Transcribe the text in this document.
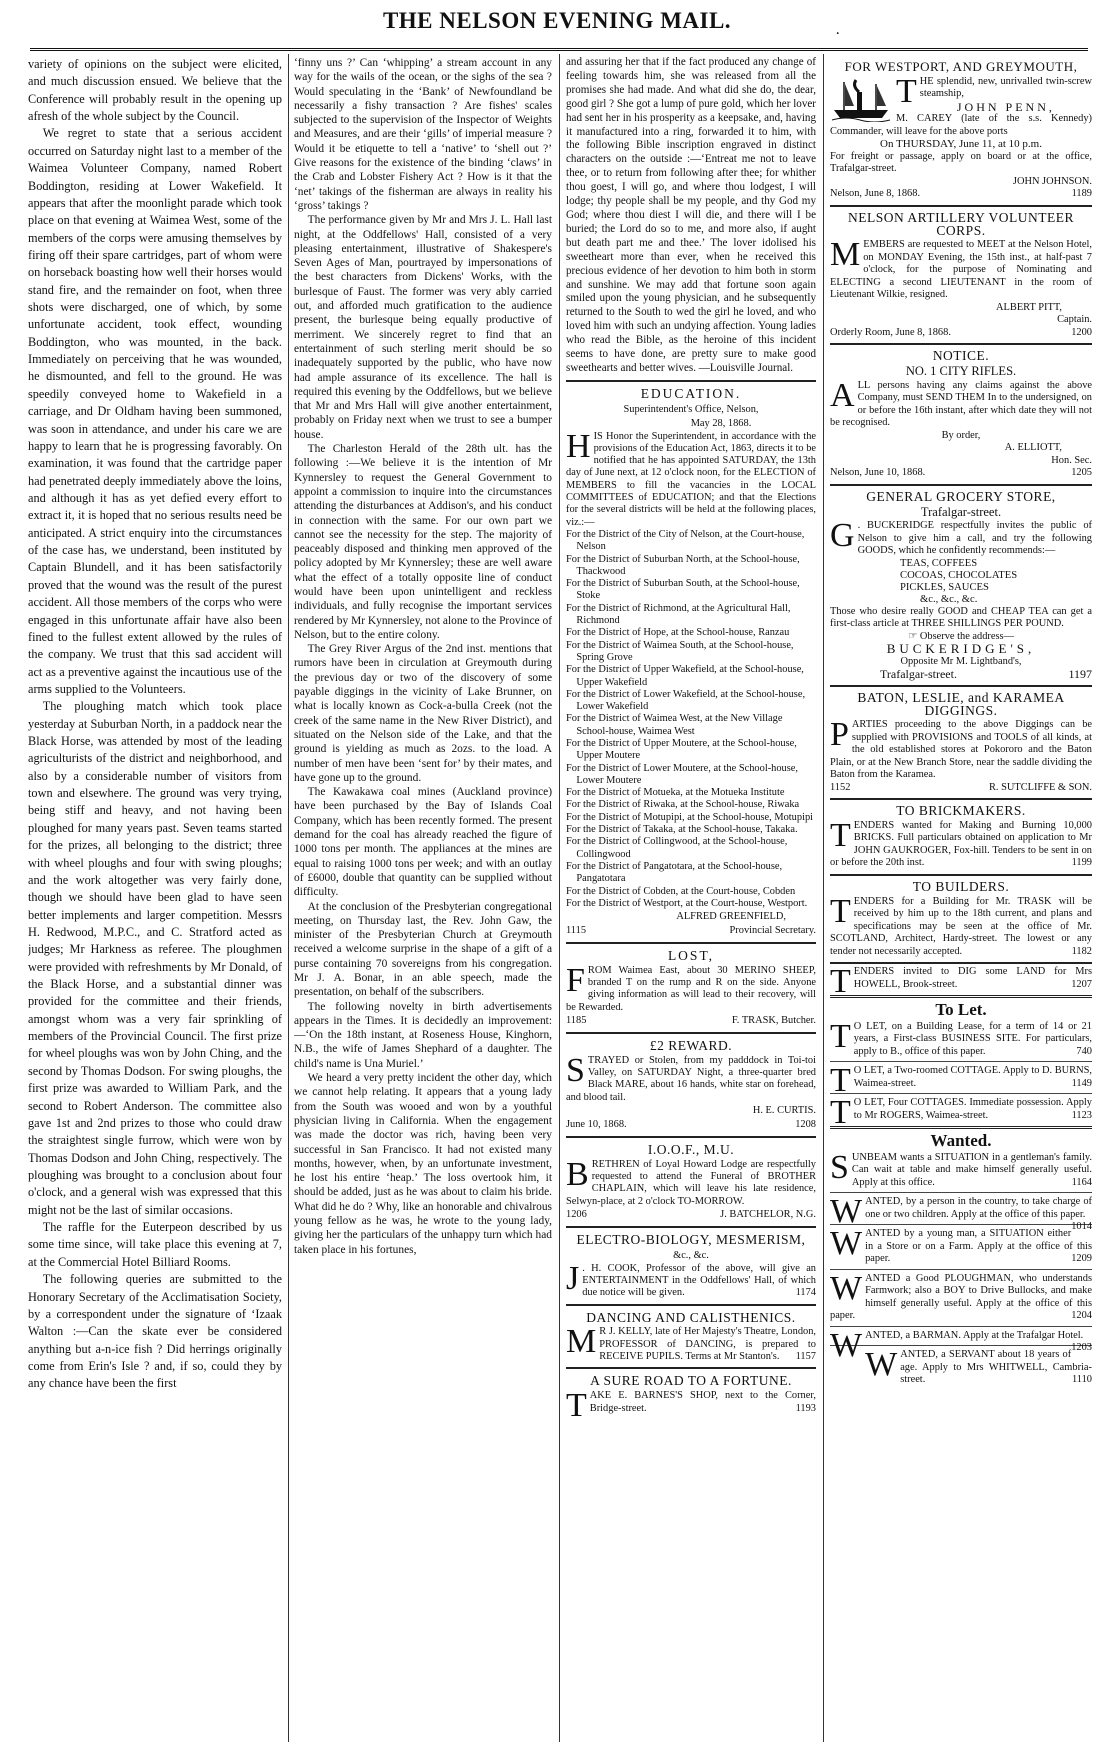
THE NELSON EVENING MAIL.	.

variety of opinions on the subject were elicited, and much discussion ensued. We believe that the Conference will probably result in the opening up afresh of the whole subject by the Council.

We regret to state that a serious accident occurred on Saturday night last to a member of the Waimea Volunteer Company, named Robert Boddington, residing at Lower Wakefield. It appears that after the moonlight parade which took place on that evening at Waimea West, some of the members of the corps were amusing themselves by firing off their spare cartridges, part of whom were on horseback boasting how well their horses would stand fire, and the remainder on foot, when three shots were discharged, one of which, by some unfortunate accident, took effect, wounding Boddington, who was mounted, in the back. Immediately on perceiving that he was wounded, he dismounted, and fell to the ground. He was speedily conveyed home to Wakefield in a carriage, and Dr Oldham having been summoned, was soon in attendance, and under his care we are happy to learn that he is progressing favorably. On examination, it was found that the cartridge paper had penetrated deeply immediately above the loins, and although it has as yet defied every effort to extract it, it is hoped that no serious results need be anticipated. A strict enquiry into the circumstances of the case has, we understand, been instituted by Captain Blundell, and it has been satisfactorily proved that the wound was the result of the purest accident. All those members of the corps who were engaged in this unfortunate affair have also been fined to the fullest extent allowed by the rules of the company. We trust that this sad accident will act as a preventive against the incautious use of the arms supplied to the Volunteers.

The ploughing match which took place yesterday at Suburban North, in a paddock near the Black Horse, was attended by most of the leading agriculturists of the district and neighborhood, and also by a considerable number of visitors from town and elsewhere. The ground was very trying, being stiff and heavy, and not having been ploughed for many years past. Seven teams started for the prizes, all belonging to the district; three with wheel ploughs and four with swing ploughs; and the work altogether was very fairly done, though we should have been glad to have seen better implements and larger competition. Messrs H. Redwood, M.P.C., and C. Stratford acted as judges; Mr Harkness as referee. The ploughmen were provided with refreshments by Mr Donald, of the Black Horse, and a substantial dinner was provided for the committee and their friends, amongst whom was a very fair sprinkling of members of the Provincial Council. The first prize for wheel ploughs was won by John Ching, and the second by Thomas Dodson. For swing ploughs, the first prize was awarded to William Park, and the second to Robert Anderson. The committee also gave 1st and 2nd prizes to those who could draw the straightest single furrow, which were won by Thomas Dodson and John Ching, respectively. The ploughing was brought to a conclusion about four o'clock, and a general wish was expressed that this might not be the last of similar occasions.

The raffle for the Euterpeon described by us some time since, will take place this evening at 7, at the Commercial Hotel Billiard Rooms.

The following queries are submitted to the Honorary Secretary of the Acclimatisation Society, by a correspondent under the signature of ‘Izaak Walton :—Can the skate ever be considered anything but a-n-ice fish ? Did herrings originally come from Erin's Isle ? and, if so, could they by any chance have been the first

‘finny uns ?’ Can ‘whipping’ a stream account in any way for the wails of the ocean, or the sighs of the sea ? Would speculating in the ‘Bank’ of Newfoundland be necessarily a fishy transaction ? Are fishes' scales subjected to the supervision of the Inspector of Weights and Measures, and are their ‘gills’ of imperial measure ? Would it be etiquette to tell a ‘native’ to ‘shell out ?’ Give reasons for the existence of the binding ‘claws’ in the Crab and Lobster Fishery Act ? How is it that the ‘net’ takings of the fisherman are always in reality his ‘gross’ takings ?

The performance given by Mr and Mrs J. L. Hall last night, at the Oddfellows' Hall, consisted of a very pleasing entertainment, illustrative of Shakespere's Seven Ages of Man, pourtrayed by impersonations of the best characters from Dickens' Works, with the burlesque of Faust. The former was very ably carried out, and afforded much gratification to the audience present, the burlesque being equally productive of merriment. We sincerely regret to find that an entertainment of such sterling merit should be so inadequately supported by the public, who have now had ample assurance of its excellence. The hall is required this evening by the Oddfellows, but we believe that Mr and Mrs Hall will give another entertainment, probably on Friday next when we trust to see a bumper house.

The Charleston Herald of the 28th ult. has the following :—We believe it is the intention of Mr Kynnersley to request the General Government to appoint a commission to inquire into the circumstances attending the disturbances at Addison's, and his conduct in connection with the same. For our own part we cannot see the necessity for the step. The majority of peaceably disposed and thinking men approved of the policy adopted by Mr Kynnersley; these are well aware what the effect of a totally opposite line of conduct would have been upon unintelligent and reckless individuals, and fully recognise the important services rendered by Mr Kynnersley, not alone to the Province of Nelson, but to the entire colony.

The Grey River Argus of the 2nd inst. mentions that rumors have been in circulation at Greymouth during the previous day or two of the discovery of some payable diggings in the vicinity of Lake Brunner, on what is locally known as Cock-a-bulla Creek (not the creek of the same name in the New River District), and situated on the Nelson side of the Lake, and that the ground is yielding as much as 2ozs. to the load. A number of men have been ‘sent for’ by their mates, and have gone up to the ground.

The Kawakawa coal mines (Auckland province) have been purchased by the Bay of Islands Coal Company, which has been recently formed. The present demand for the coal has already reached the figure of 1000 tons per month. The appliances at the mines are equal to raising 1000 tons per week; and with an outlay of £6000, double that quantity can be supplied without difficulty.

At the conclusion of the Presbyterian congregational meeting, on Thursday last, the Rev. John Gaw, the minister of the Presbyterian Church at Greymouth received a welcome surprise in the shape of a gift of a purse containing 70 sovereigns from his congregation. Mr J. A. Bonar, in an able speech, made the presentation, on behalf of the subscribers.

The following novelty in birth advertisements appears in the Times. It is decidedly an improvement:—‘On the 18th instant, at Roseness House, Kinghorn, N.B., the wife of James Shephard of a daughter. The child's name is Una Muriel.’

We heard a very pretty incident the other day, which we cannot help relating. It appears that a young lady from the South was wooed and won by a youthful physician living in California. When the engagement was made the doctor was rich, having been very successful in San Francisco. It had not existed many months, however, when, by an unfortunate investment, he lost his entire ‘heap.’ The loss overtook him, it should be added, just as he was about to claim his bride. What did he do ? Why, like an honorable and chivalrous young fellow as he was, he wrote to the young lady, giving her the particulars of the unhappy turn which had taken place in his fortunes,

and assuring her that if the fact produced any change of feeling towards him, she was released from all the promises she had made. And what did she do, the dear, good girl ? She got a lump of pure gold, which her lover had sent her in his prosperity as a keepsake, and, having it manufactured into a ring, forwarded it to him, with the following Bible inscription engraved in distinct characters on the outside :—‘Entreat me not to leave thee, or to return from following after thee; for whither thou goest, I will go, and where thou lodgest, I will lodge; thy people shall be my people, and thy God my God; where thou diest I will die, and there will I be buried; the Lord do so to me, and more also, if aught but death part me and thee.’ The lover idolised his sweetheart more than ever, when he received this precious evidence of her devotion to him both in storm and sunshine. We may add that fortune soon again smiled upon the young physician, and he subsequently returned to the South to wed the girl he loved, and who loved him with such an undying affection. Young ladies who read the Bible, as the heroine of this incident seems to have done, are pretty sure to make good sweethearts and better wives. —Louisville Journal.

EDUCATION.
Superintendent's Office, Nelson,
May 28, 1868.

HIS Honor the Superintendent, in accordance with the provisions of the Education Act, 1863, directs it to be notified that he has appointed SATURDAY, the 13th day of June next, at 12 o'clock noon, for the ELECTION of MEMBERS to fill the vacancies in the LOCAL COMMITTEES of EDUCATION; and that the Elections for the several districts will be held at the following places, viz.:—

For the District of the City of Nelson, at the Court-house, Nelson
For the District of Suburban North, at the School-house, Thackwood
For the District of Suburban South, at the School-house, Stoke
For the District of Richmond, at the Agricultural Hall, Richmond
For the District of Hope, at the School-house, Ranzau
For the District of Waimea South, at the School-house, Spring Grove
For the District of Upper Wakefield, at the School-house, Upper Wakefield
For the District of Lower Wakefield, at the School-house, Lower Wakefield
For the District of Waimea West, at the New Village School-house, Waimea West
For the District of Upper Moutere, at the School-house, Upper Moutere
For the District of Lower Moutere, at the School-house, Lower Moutere
For the District of Motueka, at the Motueka Institute
For the District of Riwaka, at the School-house, Riwaka
For the District of Motupipi, at the School-house, Motupipi
For the District of Takaka, at the School-house, Takaka.
For the District of Collingwood, at the School-house, Collingwood
For the District of Pangatotara, at the School-house, Pangatotara
For the District of Cobden, at the Court-house, Cobden
For the District of Westport, at the Court-house, Westport.
ALFRED GREENFIELD,
1115	Provincial Secretary.
LOST,

FROM Waimea East, about 30 MERINO SHEEP, branded T on the rump and R on the side. Anyone giving information as will lead to their recovery, will be Rewarded.

1185	F. TRASK, Butcher.
£2 REWARD.

STRAYED or Stolen, from my padddock in Toi-toi Valley, on SATURDAY Night, a three-quarter bred Black MARE, about 16 hands, white star on forehead, and blood tail.

H. E. CURTIS.
June 10, 1868.	1208
I.O.O.F., M.U.

BRETHREN of Loyal Howard Lodge are respectfully requested to attend the Funeral of BROTHER CHAPLAIN, which will leave his late residence, Selwyn-place, at 2 o'clock TO-MORROW.

1206	J. BATCHELOR, N.G.
ELECTRO-BIOLOGY, MESMERISM,
&c., &c.

J . H. COOK, Professor of the above, will give an ENTERTAINMENT in the Oddfellows' Hall, of which due notice will be given.	1174

DANCING AND CALISTHENICS.

M R J. KELLY, late of Her Majesty's Theatre, London, PROFESSOR of DANCING, is prepared to RECEIVE PUPILS. Terms at Mr Stanton's. 1157

A SURE ROAD TO A FORTUNE.

TAKE E. BARNES'S SHOP, next to the Corner, Bridge-street.	1193

FOR WESTPORT, AND GREYMOUTH,

THE splendid, new, unrivalled twin-screw steamship,

JOHN PENN,

M. CAREY (late of the s.s. Kennedy) Commander, will leave for the above ports

On THURSDAY, June 11, at 10 p.m.

For freight or passage, apply on board or at the office, Trafalgar-street.

JOHN JOHNSON.
Nelson, June 8, 1868.	1189
NELSON ARTILLERY VOLUNTEER CORPS.

MEMBERS are requested to MEET at the Nelson Hotel, on MONDAY Evening, the 15th inst., at half-past 7 o'clock, for the purpose of Nominating and ELECTING a second LIEUTENANT in the room of Lieutenant Wilkie, resigned.

ALBERT PITT,
Captain.
Orderly Room, June 8, 1868.	1200
NOTICE.
NO. 1 CITY RIFLES.

ALL persons having any claims against the above Company, must SEND THEM In to the undersigned, on or before the 16th instant, after which date they will not be recognised.

By order,
A. ELLIOTT,
Hon. Sec.
Nelson, June 10, 1868.	1205
GENERAL GROCERY STORE,
Trafalgar-street.

G . BUCKERIDGE respectfully invites the public of Nelson to give him a call, and try the following GOODS, which he confidently recommends:—

TEAS, COFFEES
COCOAS, CHOCOLATES
PICKLES, SAUCES
&c., &c., &c.

Those who desire really GOOD and CHEAP TEA can get a first-class article at THREE SHILLINGS PER POUND.

☞ Observe the address—
BUCKERIDGE'S,
Opposite Mr M. Lightband's,
Trafalgar-street.	1197
BATON, LESLIE, and KARAMEA DIGGINGS.

PARTIES proceeding to the above Diggings can be supplied with PROVISIONS and TOOLS of all kinds, at the old established stores at Pokororo and the Baton Plain, or at the New Branch Store, near the saddle dividing the Baton from the Karamea.

1152	R. SUTCLIFFE & SON.
TO BRICKMAKERS.

TENDERS wanted for Making and Burning 10,000 BRICKS. Full particulars obtained on application to Mr JOHN GAUKROGER, Fox-hill. Tenders to be sent in on or before the 20th inst.	1199

TO BUILDERS.

TENDERS for a Building for Mr. TRASK will be received by him up to the 18th current, and plans and specifications may be seen at the office of Mr. SCOTLAND, Architect, Hardy-street. The lowest or any tender not necessarily accepted.	1182

TENDERS invited to DIG some LAND for Mrs HOWELL, Brook-street.	1207

To Let.

T O LET, on a Building Lease, for a term of 14 or 21 years, a First-class BUSINESS SITE. For particulars, apply to B., office of this paper.	740

T O LET, a Two-roomed COTTAGE. Apply to D. BURNS, Waimea-street.	1149

T O LET, Four COTTAGES. Immediate possession. Apply to Mr ROGERS, Waimea-street.	1123

Wanted.

SUNBEAM wants a SITUATION in a gentleman's family. Can wait at table and make himself generally useful. Apply at this office.	1164

WANTED, by a person in the country, to take charge of one or two children. Apply at the office of this paper.
1014

WANTED by a young man, a SITUATION either in a Store or on a Farm. Apply at the office of this paper.	1209

WANTED a Good PLOUGHMAN, who understands Farmwork; also a BOY to Drive Bullocks, and make himself generally useful. Apply at the office of this paper.	1204

WANTED, a BARMAN. Apply at the Trafalgar Hotel.
1203

WANTED, a SERVANT about 18 years of age. Apply to Mrs WHITWELL, Cambria-street.	1110
